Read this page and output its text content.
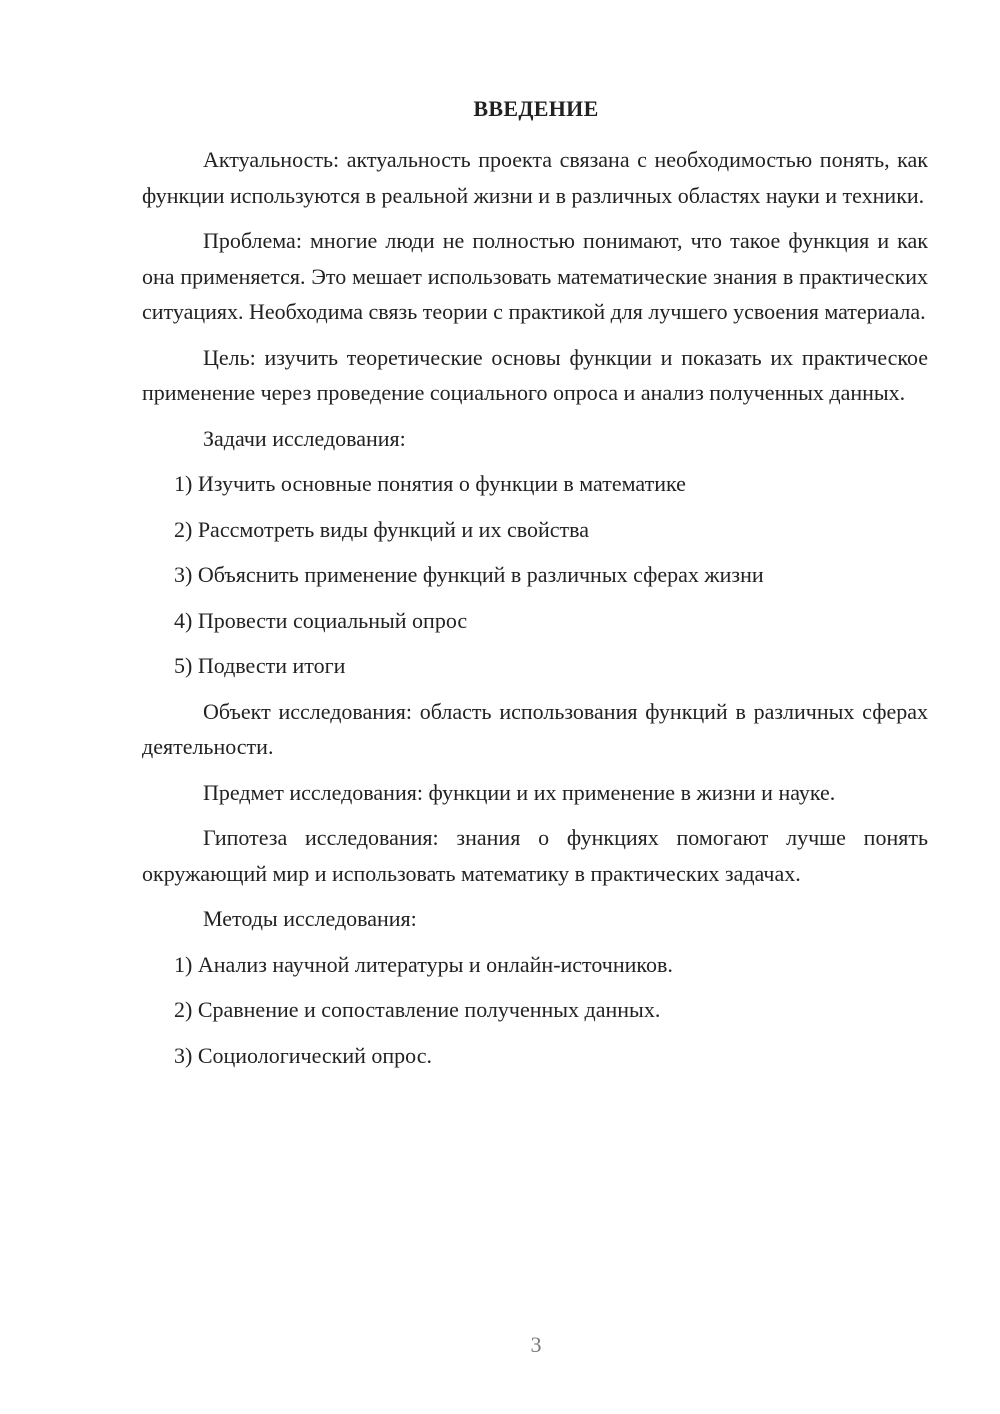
ВВЕДЕНИЕ

Актуальность: актуальность проекта связана с необходимостью понять, как функции используются в реальной жизни и в различных областях науки и техники.

Проблема: многие люди не полностью понимают, что такое функция и как она применяется. Это мешает использовать математические знания в практических ситуациях. Необходима связь теории с практикой для лучшего усвоения материала.

Цель: изучить теоретические основы функции и показать их практическое применение через проведение социального опроса и анализ полученных данных.

Задачи исследования:

1) Изучить основные понятия о функции в математике
2) Рассмотреть виды функций и их свойства
3) Объяснить применение функций в различных сферах жизни
4) Провести социальный опрос
5) Подвести итоги

Объект исследования: область использования функций в различных сферах деятельности.

Предмет исследования: функции и их применение в жизни и науке.

Гипотеза исследования: знания о функциях помогают лучше понять окружающий мир и использовать математику в практических задачах.

Методы исследования:

1) Анализ научной литературы и онлайн-источников.
2) Сравнение и сопоставление полученных данных.
3) Социологический опрос.
3
